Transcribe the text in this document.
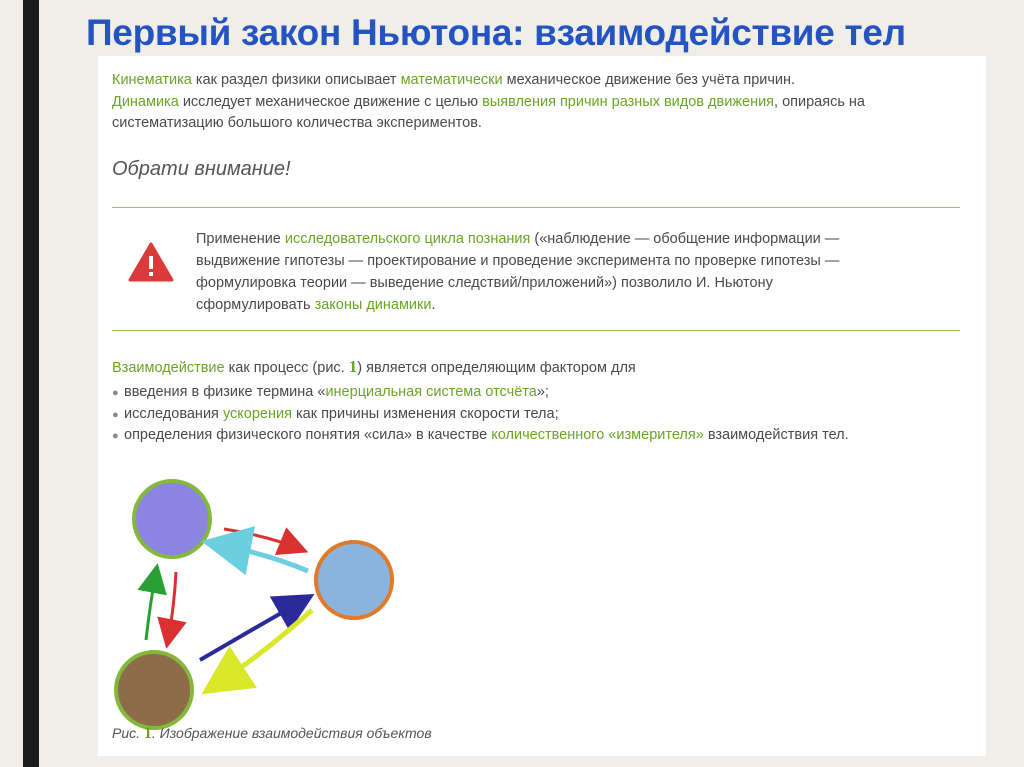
Первый закон Ньютона: взаимодействие тел
Кинематика как раздел физики описывает математически механическое движение без учёта причин.
Динамика исследует механическое движение с целью выявления причин разных видов движения, опираясь на
систематизацию большого количества экспериментов.
Обрати внимание!
Применение исследовательского цикла познания («наблюдение — обобщение информации —
выдвижение гипотезы — проектирование и проведение эксперимента по проверке гипотезы —
формулировка теории — выведение следствий/приложений») позволило И. Ньютону
сформулировать законы динамики.
Взаимодействие как процесс (рис. 1) является определяющим фактором для
● введения в физике термина «инерциальная система отсчёта»;
● исследования ускорения как причины изменения скорости тела;
● определения физического понятия «сила» в качестве количественного «измерителя» взаимодействия тел.
Рис. 1. Изображение взаимодействия объектов
